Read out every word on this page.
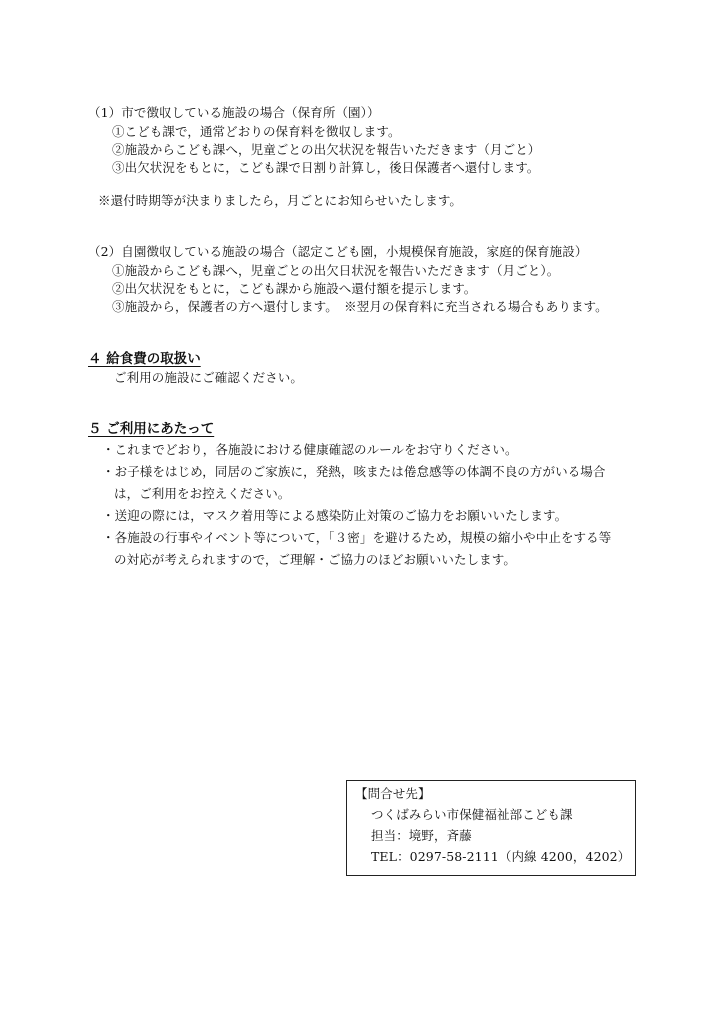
（1）市で徴収している施設の場合（保育所（園））
①こども課で，通常どおりの保育料を徴収します。
②施設からこども課へ，児童ごとの出欠状況を報告いただきます（月ごと）
③出欠状況をもとに，こども課で日割り計算し，後日保護者へ還付します。
※還付時期等が決まりましたら，月ごとにお知らせいたします。
（2）自園徴収している施設の場合（認定こども園，小規模保育施設，家庭的保育施設）
①施設からこども課へ，児童ごとの出欠日状況を報告いただきます（月ごと）。
②出欠状況をもとに，こども課から施設へ還付額を提示します。
③施設から，保護者の方へ還付します。　※翌月の保育料に充当される場合もあります。
４ 給食費の取扱い
ご利用の施設にご確認ください。
５ ご利用にあたって
・これまでどおり，各施設における健康確認のルールをお守りください。
・お子様をはじめ，同居のご家族に，発熱，咳または倦怠感等の体調不良の方がいる場合
は，ご利用をお控えください。
・送迎の際には，マスク着用等による感染防止対策のご協力をお願いいたします。
・各施設の行事やイベント等について，「３密」を避けるため，規模の縮小や中止をする等
の対応が考えられますので，ご理解・ご協力のほどお願いいたします。
【問合せ先】
つくばみらい市保健福祉部こども課
担当：境野，斉藤
TEL：0297-58-2111（内線 4200，4202）
